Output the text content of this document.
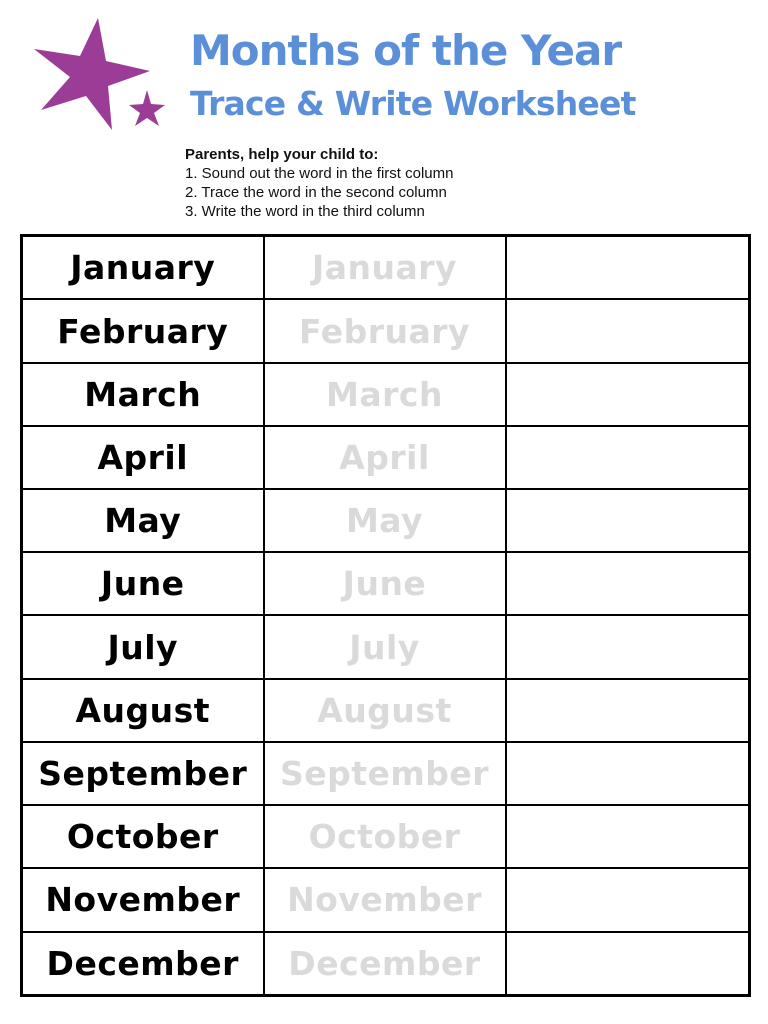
Months of the Year
Trace & Write Worksheet
Parents, help your child to:
1. Sound out the word in the first column
2. Trace the word in the second column
3. Write the word in the third column
January	January	
February	February	
March	March	
April	April	
May	May	
June	June	
July	July	
August	August	
September	September	
October	October	
November	November	
December	December	
